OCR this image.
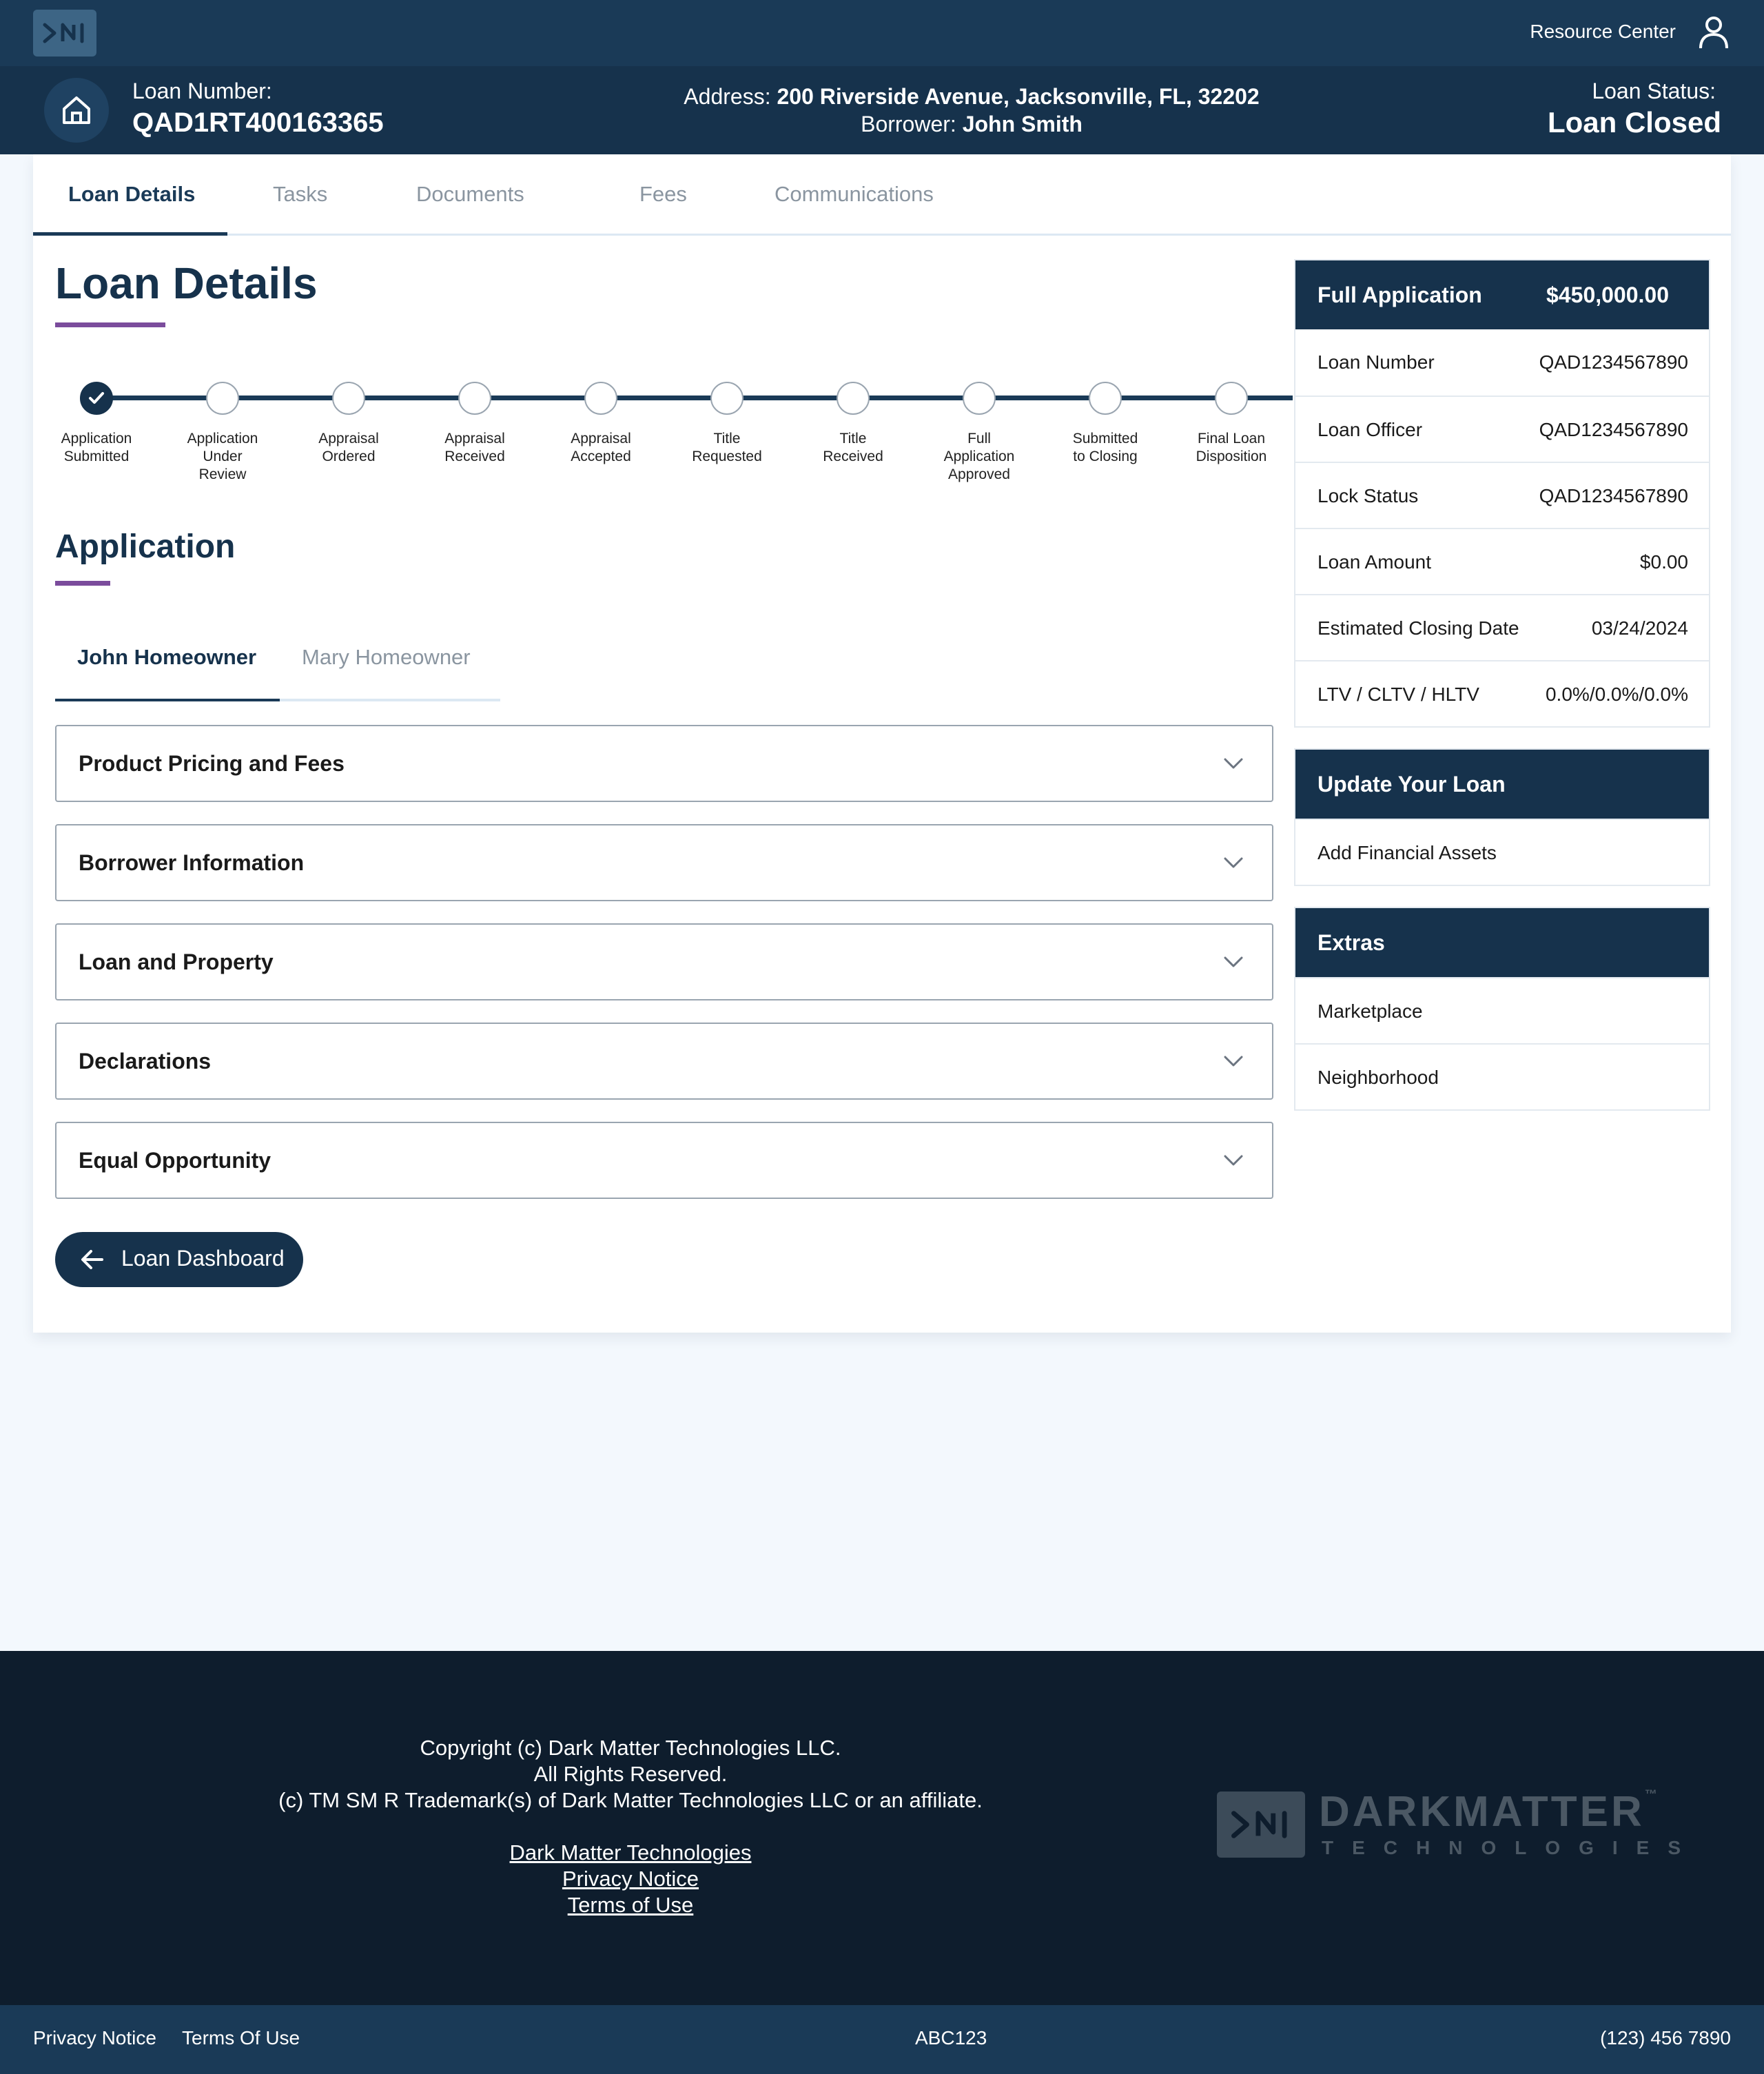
Resource Center
Loan Number:
QAD1RT400163365
Address: 200 Riverside Avenue, Jacksonville, FL, 32202
Borrower: John Smith
Loan Status:
Loan Closed
Loan Details	Tasks	Documents	Fees	Communications
Loan Details
Application
Submitted
Application
Under
Review
Appraisal
Ordered
Appraisal
Received
Appraisal
Accepted
Title
Requested
Title
Received
Full
Application
Approved
Submitted
to Closing
Final Loan
Disposition
Application
John Homeowner Mary Homeowner
Product Pricing and Fees
Borrower Information
Loan and Property
Declarations
Equal Opportunity
Loan Dashboard
Full Application	$450,000.00
Loan Number	QAD1234567890
Loan Officer	QAD1234567890
Lock Status	QAD1234567890
Loan Amount	$0.00
Estimated Closing Date	03/24/2024
LTV / CLTV / HLTV	0.0%/0.0%/0.0%
Update Your Loan
Add Financial Assets
Extras
Marketplace
Neighborhood
Copyright (c) Dark Matter Technologies LLC.
All Rights Reserved.
(c) TM SM R Trademark(s) of Dark Matter Technologies LLC or an affiliate.
Dark Matter Technologies
Privacy Notice
Terms of Use
DARKMATTER™
TECHNOLOGIES
Privacy Notice Terms Of Use	ABC123	(123) 456 7890
